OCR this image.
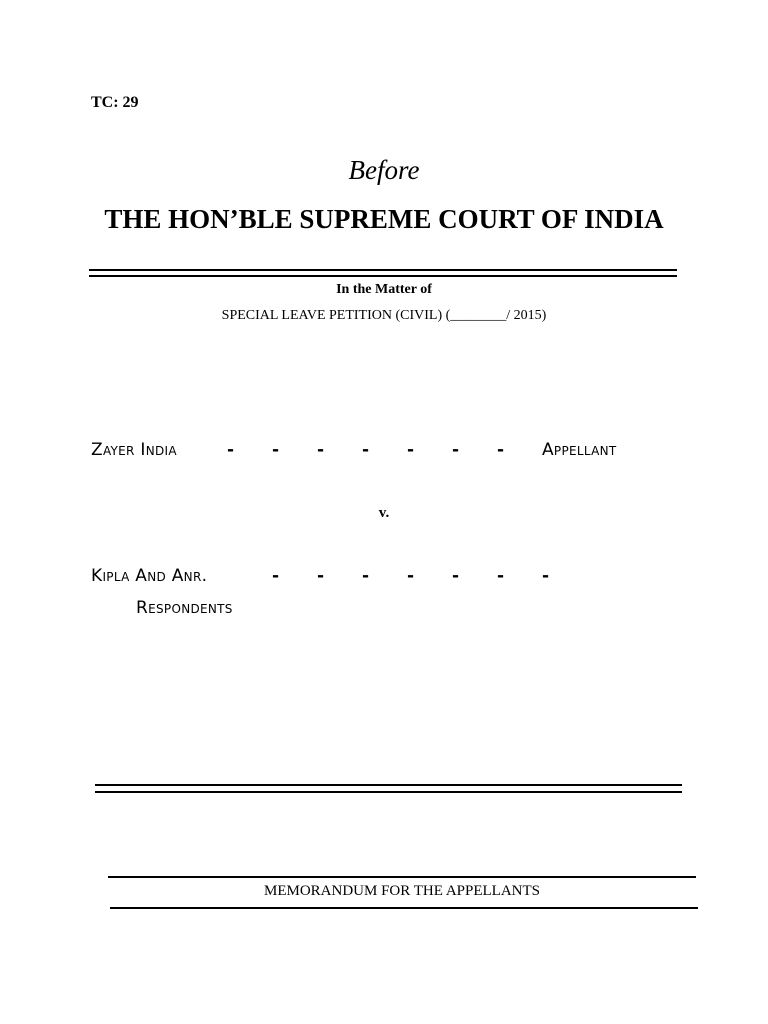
TC: 29
Before
THE HON’BLE SUPREME COURT OF INDIA
In the Matter of
SPECIAL LEAVE PETITION (CIVIL) (________/ 2015)
Zayer India	- - - - - - - Appellant
v.
Kipla And Anr.	- - - - - - -
Respondents
MEMORANDUM FOR THE APPELLANTS
